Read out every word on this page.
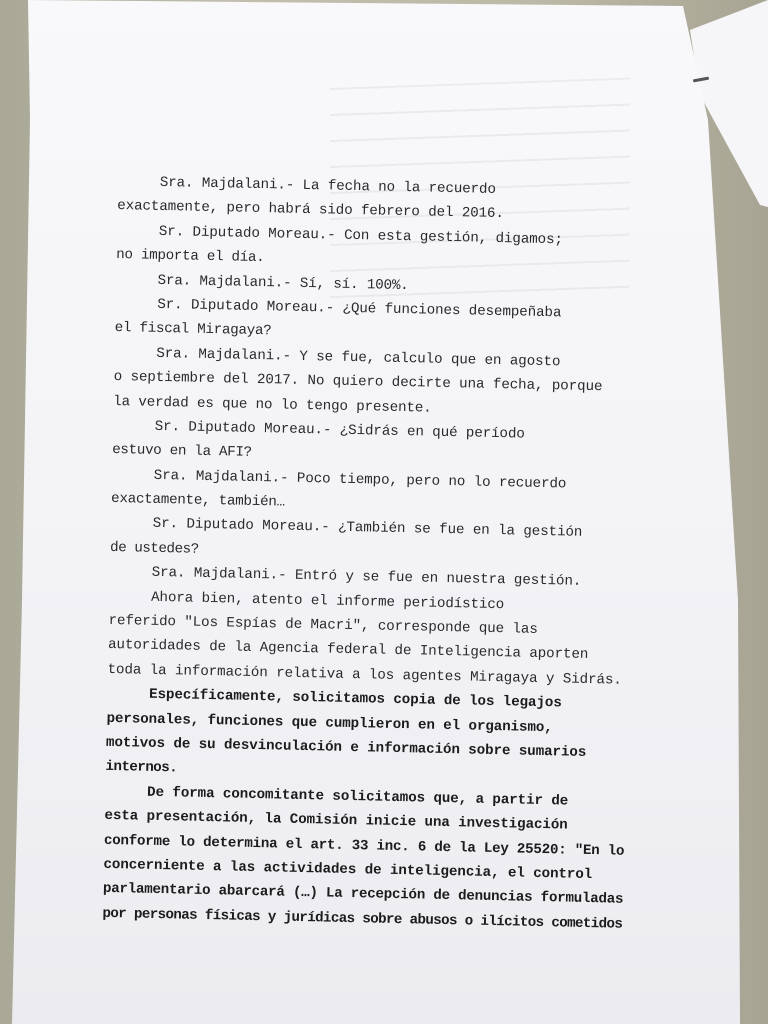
Sra. Majdalani.- La fecha no la recuerdo
exactamente, pero habrá sido febrero del 2016.
Sr. Diputado Moreau.- Con esta gestión, digamos;
no importa el día.
Sra. Majdalani.- Sí, sí. 100%.
Sr. Diputado Moreau.- ¿Qué funciones desempeñaba
el fiscal Miragaya?
Sra. Majdalani.- Y se fue, calculo que en agosto
o septiembre del 2017. No quiero decirte una fecha, porque
la verdad es que no lo tengo presente.
Sr. Diputado Moreau.- ¿Sidrás en qué período
estuvo en la AFI?
Sra. Majdalani.- Poco tiempo, pero no lo recuerdo
exactamente, también…
Sr. Diputado Moreau.- ¿También se fue en la gestión
de ustedes?
Sra. Majdalani.- Entró y se fue en nuestra gestión.
Ahora bien, atento el informe periodístico
referido "Los Espías de Macri", corresponde que las
autoridades de la Agencia federal de Inteligencia aporten
toda la información relativa a los agentes Miragaya y Sidrás.
Específicamente, solicitamos copia de los legajos
personales, funciones que cumplieron en el organismo,
motivos de su desvinculación e información sobre sumarios
internos.
De forma concomitante solicitamos que, a partir de
esta presentación, la Comisión inicie una investigación
conforme lo determina el art. 33 inc. 6 de la Ley 25520: "En lo
concerniente a las actividades de inteligencia, el control
parlamentario abarcará (…) La recepción de denuncias formuladas
por personas físicas y jurídicas sobre abusos o ilícitos cometidos
